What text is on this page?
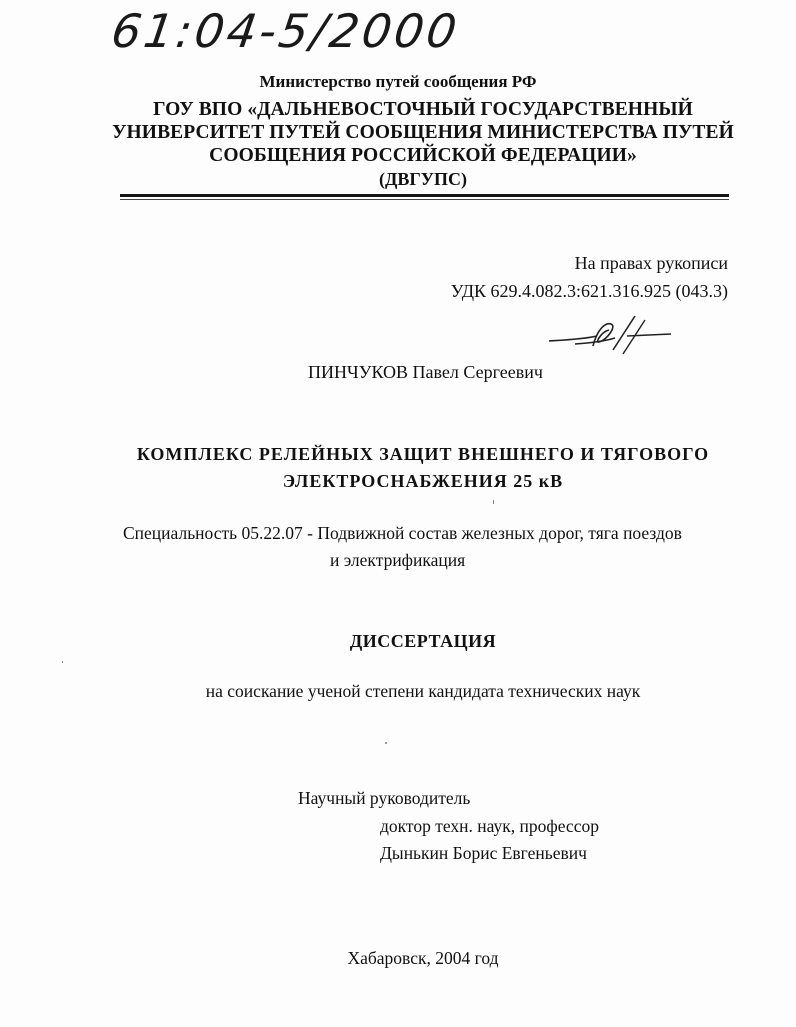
61:04-5/2000
Министерство путей сообщения РФ
ГОУ ВПО «ДАЛЬНЕВОСТОЧНЫЙ ГОСУДАРСТВЕННЫЙ УНИВЕРСИТЕТ ПУТЕЙ СООБЩЕНИЯ МИНИСТЕРСТВА ПУТЕЙ СООБЩЕНИЯ РОССИЙСКОЙ ФЕДЕРАЦИИ»
(ДВГУПС)
На правах рукописи
УДК 629.4.082.3:621.316.925 (043.3)
ПИНЧУКОВ Павел Сергеевич
КОМПЛЕКС РЕЛЕЙНЫХ ЗАЩИТ ВНЕШНЕГО И ТЯГОВОГО ЭЛЕКТРОСНАБЖЕНИЯ 25 кВ
Специальность 05.22.07 - Подвижной состав железных дорог, тяга поездов
и электрификация
ДИССЕРТАЦИЯ
на соискание ученой степени кандидата технических наук
Научный руководитель
доктор техн. наук, профессор
Дынькин Борис Евгеньевич
Хабаровск, 2004 год
